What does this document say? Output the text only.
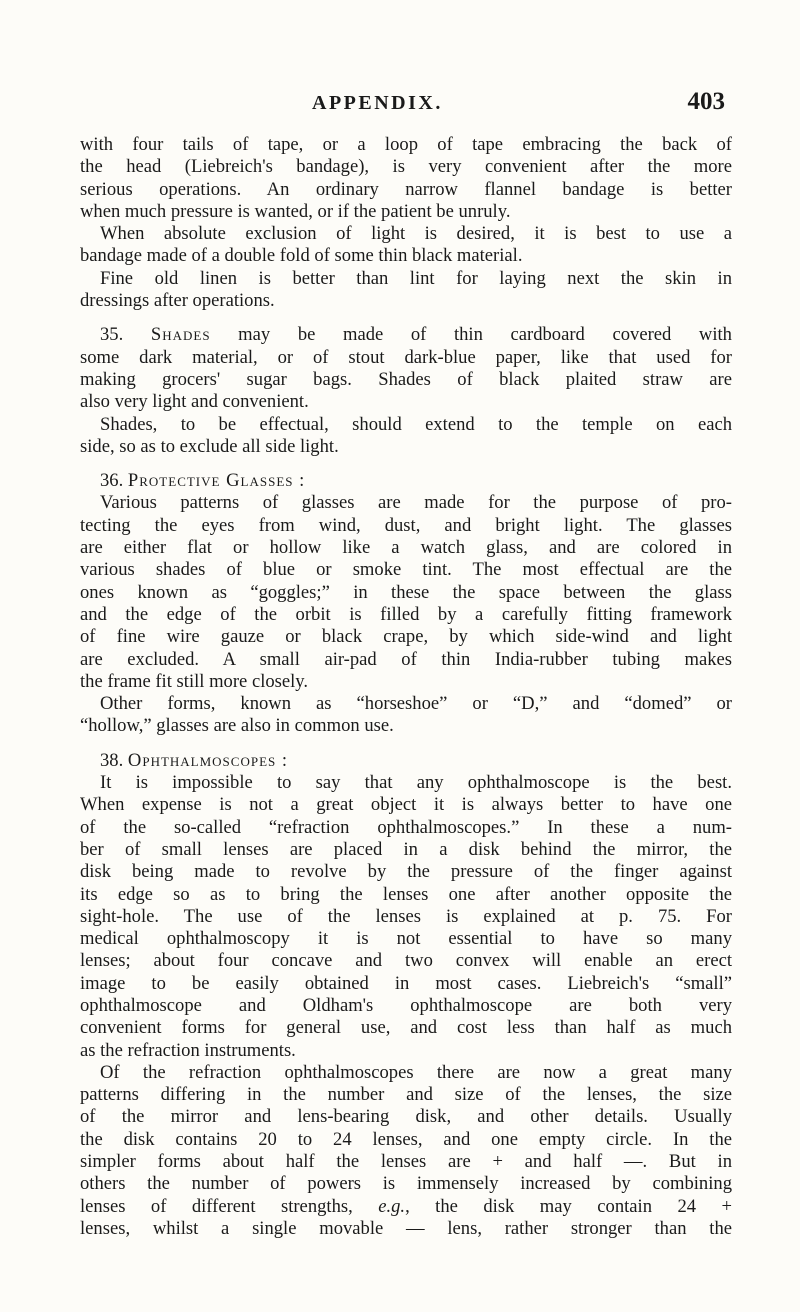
APPENDIX.	403
with four tails of tape, or a loop of tape embracing the back of
the head (Liebreich's bandage), is very convenient after the more
serious operations. An ordinary narrow flannel bandage is better
when much pressure is wanted, or if the patient be unruly.
When absolute exclusion of light is desired, it is best to use a
bandage made of a double fold of some thin black material.
Fine old linen is better than lint for laying next the skin in
dressings after operations.
35. Shades may be made of thin cardboard covered with
some dark material, or of stout dark-blue paper, like that used for
making grocers' sugar bags. Shades of black plaited straw are
also very light and convenient.
Shades, to be effectual, should extend to the temple on each
side, so as to exclude all side light.
36. Protective Glasses :
Various patterns of glasses are made for the purpose of pro-
tecting the eyes from wind, dust, and bright light. The glasses
are either flat or hollow like a watch glass, and are colored in
various shades of blue or smoke tint. The most effectual are the
ones known as “goggles;” in these the space between the glass
and the edge of the orbit is filled by a carefully fitting framework
of fine wire gauze or black crape, by which side-wind and light
are excluded. A small air-pad of thin India-rubber tubing makes
the frame fit still more closely.
Other forms, known as “horseshoe” or “D,” and “domed” or
“hollow,” glasses are also in common use.
38. Ophthalmoscopes :
It is impossible to say that any ophthalmoscope is the best.
When expense is not a great object it is always better to have one
of the so-called “refraction ophthalmoscopes.” In these a num-
ber of small lenses are placed in a disk behind the mirror, the
disk being made to revolve by the pressure of the finger against
its edge so as to bring the lenses one after another opposite the
sight-hole. The use of the lenses is explained at p. 75. For
medical ophthalmoscopy it is not essential to have so many
lenses; about four concave and two convex will enable an erect
image to be easily obtained in most cases. Liebreich's “small”
ophthalmoscope and Oldham's ophthalmoscope are both very
convenient forms for general use, and cost less than half as much
as the refraction instruments.
Of the refraction ophthalmoscopes there are now a great many
patterns differing in the number and size of the lenses, the size
of the mirror and lens-bearing disk, and other details. Usually
the disk contains 20 to 24 lenses, and one empty circle. In the
simpler forms about half the lenses are + and half —. But in
others the number of powers is immensely increased by combining
lenses of different strengths, e.g., the disk may contain 24 +
lenses, whilst a single movable — lens, rather stronger than the
